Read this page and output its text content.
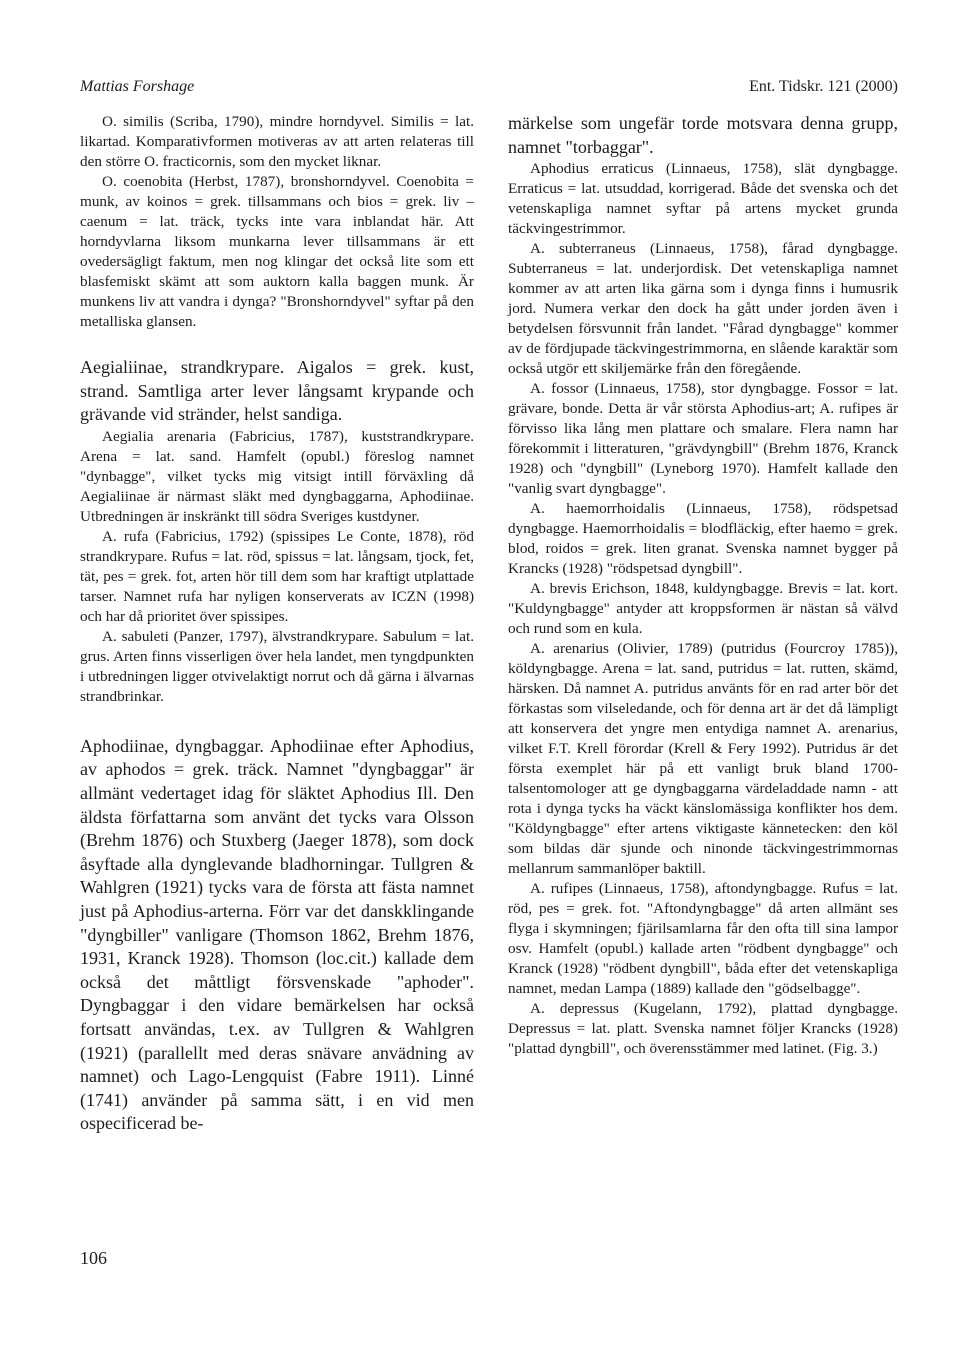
Mattias Forshage	Ent. Tidskr. 121 (2000)

O. similis (Scriba, 1790), mindre horndyvel. Similis = lat. likartad. Komparativformen motiveras av att arten relateras till den större O. fracticornis, som den mycket liknar.

O. coenobita (Herbst, 1787), bronshorndyvel. Coenobita = munk, av koinos = grek. tillsammans och bios = grek. liv – caenum = lat. träck, tycks inte vara inblandat här. Att horndyvlarna liksom munkarna lever tillsammans är ett ovedersägligt faktum, men nog klingar det också lite som ett blasfemiskt skämt att som auktorn kalla baggen munk. Är munkens liv att vandra i dynga? "Bronshorndyvel" syftar på den metalliska glansen.

Aegialiinae, strandkrypare. Aigalos = grek. kust, strand. Samtliga arter lever långsamt krypande och grävande vid stränder, helst sandiga.

Aegialia arenaria (Fabricius, 1787), kuststrandkrypare. Arena = lat. sand. Hamfelt (opubl.) föreslog namnet "dynbagge", vilket tycks mig vitsigt intill förväxling då Aegialiinae är närmast släkt med dyngbaggarna, Aphodiinae. Utbredningen är inskränkt till södra Sveriges kustdyner.

A. rufa (Fabricius, 1792) (spissipes Le Conte, 1878), röd strandkrypare. Rufus = lat. röd, spissus = lat. långsam, tjock, fet, tät, pes = grek. fot, arten hör till dem som har kraftigt utplattade tarser. Namnet rufa har nyligen konserverats av ICZN (1998) och har då prioritet över spissipes.

A. sabuleti (Panzer, 1797), älvstrandkrypare. Sabulum = lat. grus. Arten finns visserligen över hela landet, men tyngdpunkten i utbredningen ligger otvivelaktigt norrut och då gärna i älvarnas strandbrinkar.

Aphodiinae, dyngbaggar. Aphodiinae efter Aphodius, av aphodos = grek. träck. Namnet "dyngbaggar" är allmänt vedertaget idag för släktet Aphodius Ill. Den äldsta författarna som använt det tycks vara Olsson (Brehm 1876) och Stuxberg (Jaeger 1878), som dock åsyftade alla dynglevande bladhorningar. Tullgren & Wahlgren (1921) tycks vara de första att fästa namnet just på Aphodius-arterna. Förr var det danskklingande "dyngbiller" vanligare (Thomson 1862, Brehm 1876, 1931, Kranck 1928). Thomson (loc.cit.) kallade dem också det måttligt försvenskade "aphoder". Dyngbaggar i den vidare bemärkelsen har också fortsatt användas, t.ex. av Tullgren & Wahlgren (1921) (parallellt med deras snävare anvädning av namnet) och Lago-Lengquist (Fabre 1911). Linné (1741) använder på samma sätt, i en vid men ospecificerad be-

märkelse som ungefär torde motsvara denna grupp, namnet "torbaggar".

Aphodius erraticus (Linnaeus, 1758), slät dyngbagge. Erraticus = lat. utsuddad, korrigerad. Både det svenska och det vetenskapliga namnet syftar på artens mycket grunda täckvingestrimmor.

A. subterraneus (Linnaeus, 1758), fårad dyngbagge. Subterraneus = lat. underjordisk. Det vetenskapliga namnet kommer av att arten lika gärna som i dynga finns i humusrik jord. Numera verkar den dock ha gått under jorden även i betydelsen försvunnit från landet. "Fårad dyngbagge" kommer av de fördjupade täckvingestrimmorna, en slående karaktär som också utgör ett skiljemärke från den föregående.

A. fossor (Linnaeus, 1758), stor dyngbagge. Fossor = lat. grävare, bonde. Detta är vår största Aphodius-art; A. rufipes är förvisso lika lång men plattare och smalare. Flera namn har förekommit i litteraturen, "grävdyngbill" (Brehm 1876, Kranck 1928) och "dyngbill" (Lyneborg 1970). Hamfelt kallade den "vanlig svart dyngbagge".

A. haemorrhoidalis (Linnaeus, 1758), rödspetsad dyngbagge. Haemorrhoidalis = blodfläckig, efter haemo = grek. blod, roidos = grek. liten granat. Svenska namnet bygger på Krancks (1928) "rödspetsad dyngbill".

A. brevis Erichson, 1848, kuldyngbagge. Brevis = lat. kort. "Kuldyngbagge" antyder att kroppsformen är nästan så välvd och rund som en kula.

A. arenarius (Olivier, 1789) (putridus (Fourcroy 1785)), köldyngbagge. Arena = lat. sand, putridus = lat. rutten, skämd, härsken. Då namnet A. putridus använts för en rad arter bör det förkastas som vilseledande, och för denna art är det då lämpligt att konservera det yngre men entydiga namnet A. arenarius, vilket F.T. Krell förordar (Krell & Fery 1992). Putridus är det första exemplet här på ett vanligt bruk bland 1700-talsentomologer att ge dyngbaggarna värdeladdade namn - att rota i dynga tycks ha väckt känslomässiga konflikter hos dem. "Köldyngbagge" efter artens viktigaste kännetecken: den köl som bildas där sjunde och ninonde täckvingestrimmornas mellanrum sammanlöper baktill.

A. rufipes (Linnaeus, 1758), aftondyngbagge. Rufus = lat. röd, pes = grek. fot. "Aftondyngbagge" då arten allmänt ses flyga i skymningen; fjärilsamlarna får den ofta till sina lampor osv. Hamfelt (opubl.) kallade arten "rödbent dyngbagge" och Kranck (1928) "rödbent dyngbill", båda efter det vetenskapliga namnet, medan Lampa (1889) kallade den "gödselbagge".

A. depressus (Kugelann, 1792), plattad dyngbagge. Depressus = lat. platt. Svenska namnet följer Krancks (1928) "plattad dyngbill", och överensstämmer med latinet. (Fig. 3.)

106
